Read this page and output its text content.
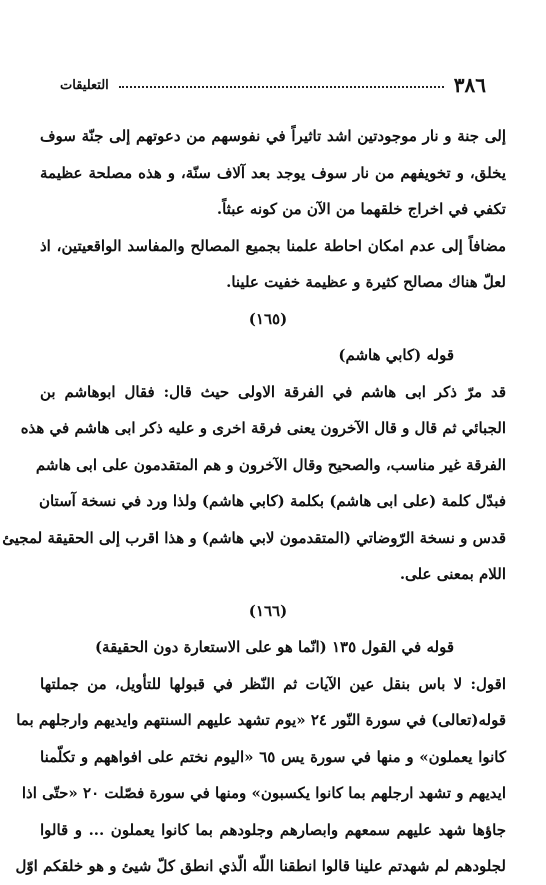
٣٨٦
التعليقات
إلى جنة و نار موجودتين اشد تاثيراً في نفوسهم من دعوتهم إلى جنّة سوف
يخلق، و تخويفهم من نار سوف يوجد بعد آلاف سنّة، و هذه مصلحة عظيمة
تكفي في اخراج خلقهما من الآن من كونه عبثاً.
مضافاً إلى عدم امكان احاطة علمنا بجميع المصالح والمفاسد الواقعيتين، اذ
لعلّ هناك مصالح كثيرة و عظيمة خفيت علينا.
(١٦٥)
قوله (كابي هاشم)
قد مرّ ذكر ابى هاشم في الفرقة الاولى حيث قال: فقال ابوهاشم بن
الجبائي ثم قال و قال الآخرون يعنى فرقة اخرى و عليه ذكر ابى هاشم في هذه
الفرقة غير مناسب، والصحيح وقال الآخرون و هم المتقدمون على ابى هاشم
فبدّل كلمة (على ابى هاشم) بكلمة (كابي هاشم) ولذا ورد في نسخة آستان
قدس و نسخة الرّوضاتي (المتقدمون لابي هاشم) و هذا اقرب إلى الحقيقة لمجيئ
اللام بمعنى على.
(١٦٦)
قوله في القول ١٣٥ (انّما هو على الاستعارة دون الحقيقة)
اقول: لا باس بنقل عين الآيات ثم النّظر في قبولها للتأويل، من جملتها
قوله(تعالى) في سورة النّور ٢٤ «يوم تشهد عليهم السنتهم وايديهم وارجلهم بما
كانوا يعملون» و منها في سورة يس ٦٥ «اليوم نختم على افواههم و تكلّمنا
ايديهم و تشهد ارجلهم بما كانوا يكسبون» ومنها في سورة فصّلت ٢٠ «حتّى اذا
جاؤها شهد عليهم سمعهم وابصارهم وجلودهم بما كانوا يعملون ... و قالوا
لجلودهم لم شهدتم علينا قالوا انطقنا اللّه الّذي انطق كلّ شيئ و هو خلقكم اوّل
